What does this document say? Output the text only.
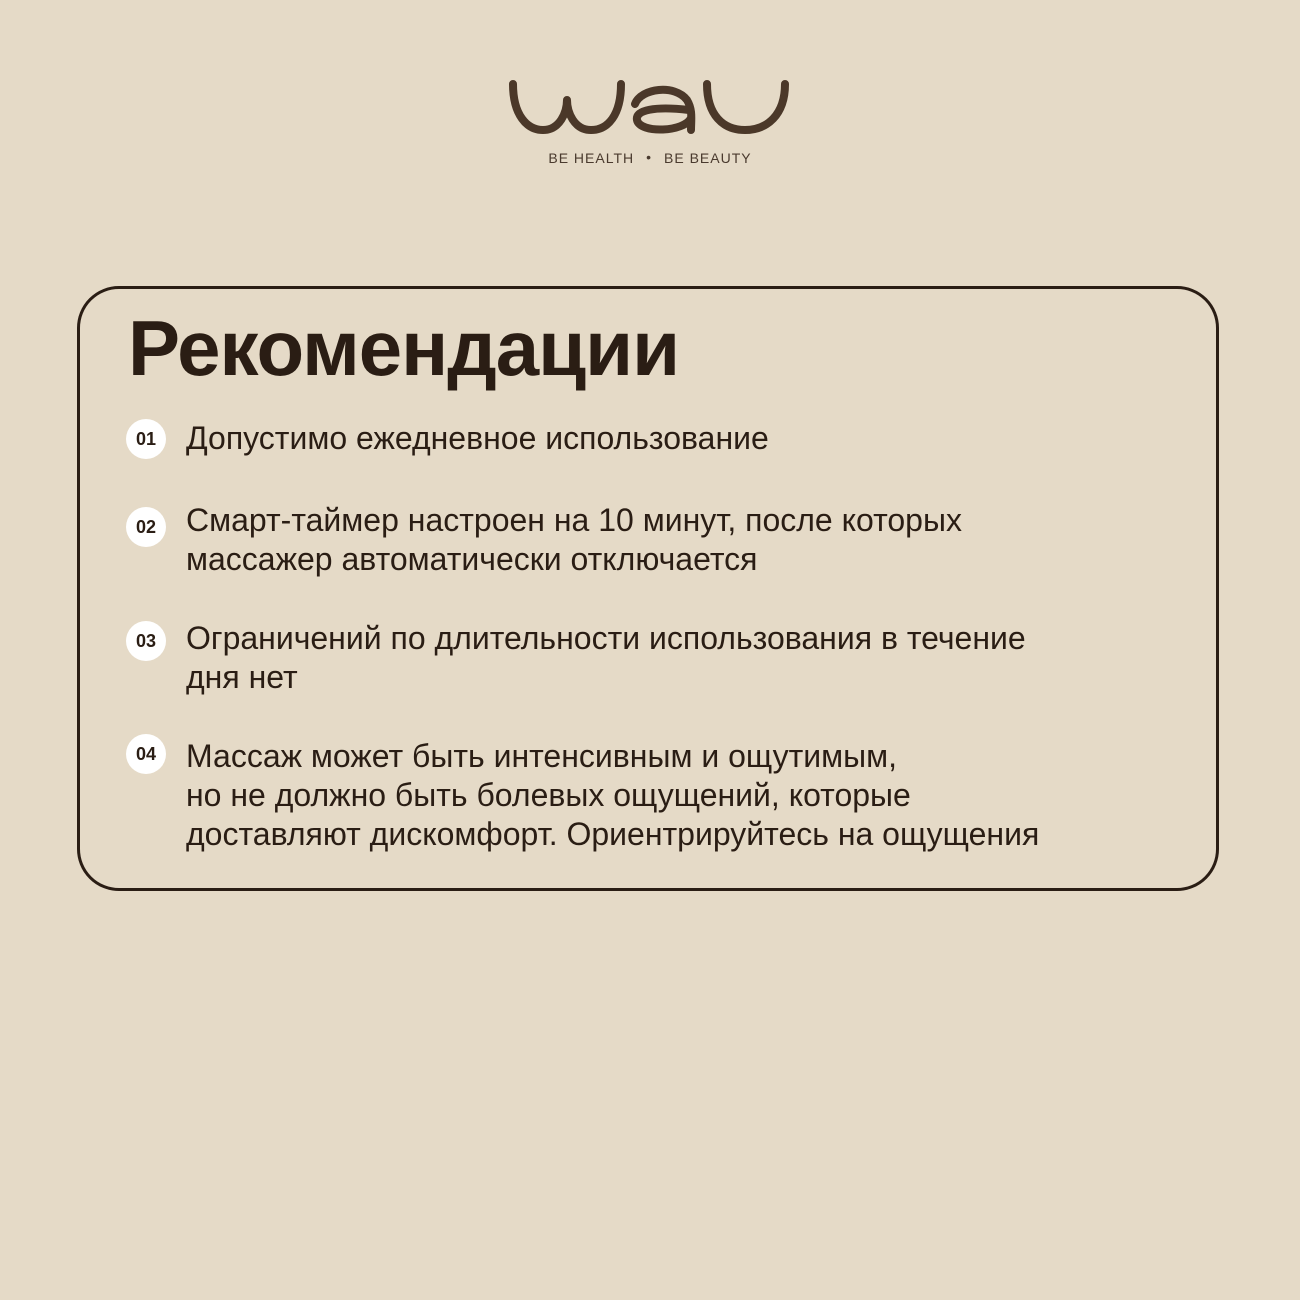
BE HEALTH • BE BEAUTY
Рекомендации
01 Допустимо ежедневное использование
02 Смарт-таймер настроен на 10 минут, после которых
массажер автоматически отключается
03 Ограничений по длительности использования в течение
дня нет
04 Массаж может быть интенсивным и ощутимым,
но не должно быть болевых ощущений, которые
доставляют дискомфорт. Ориентрируйтесь на ощущения
